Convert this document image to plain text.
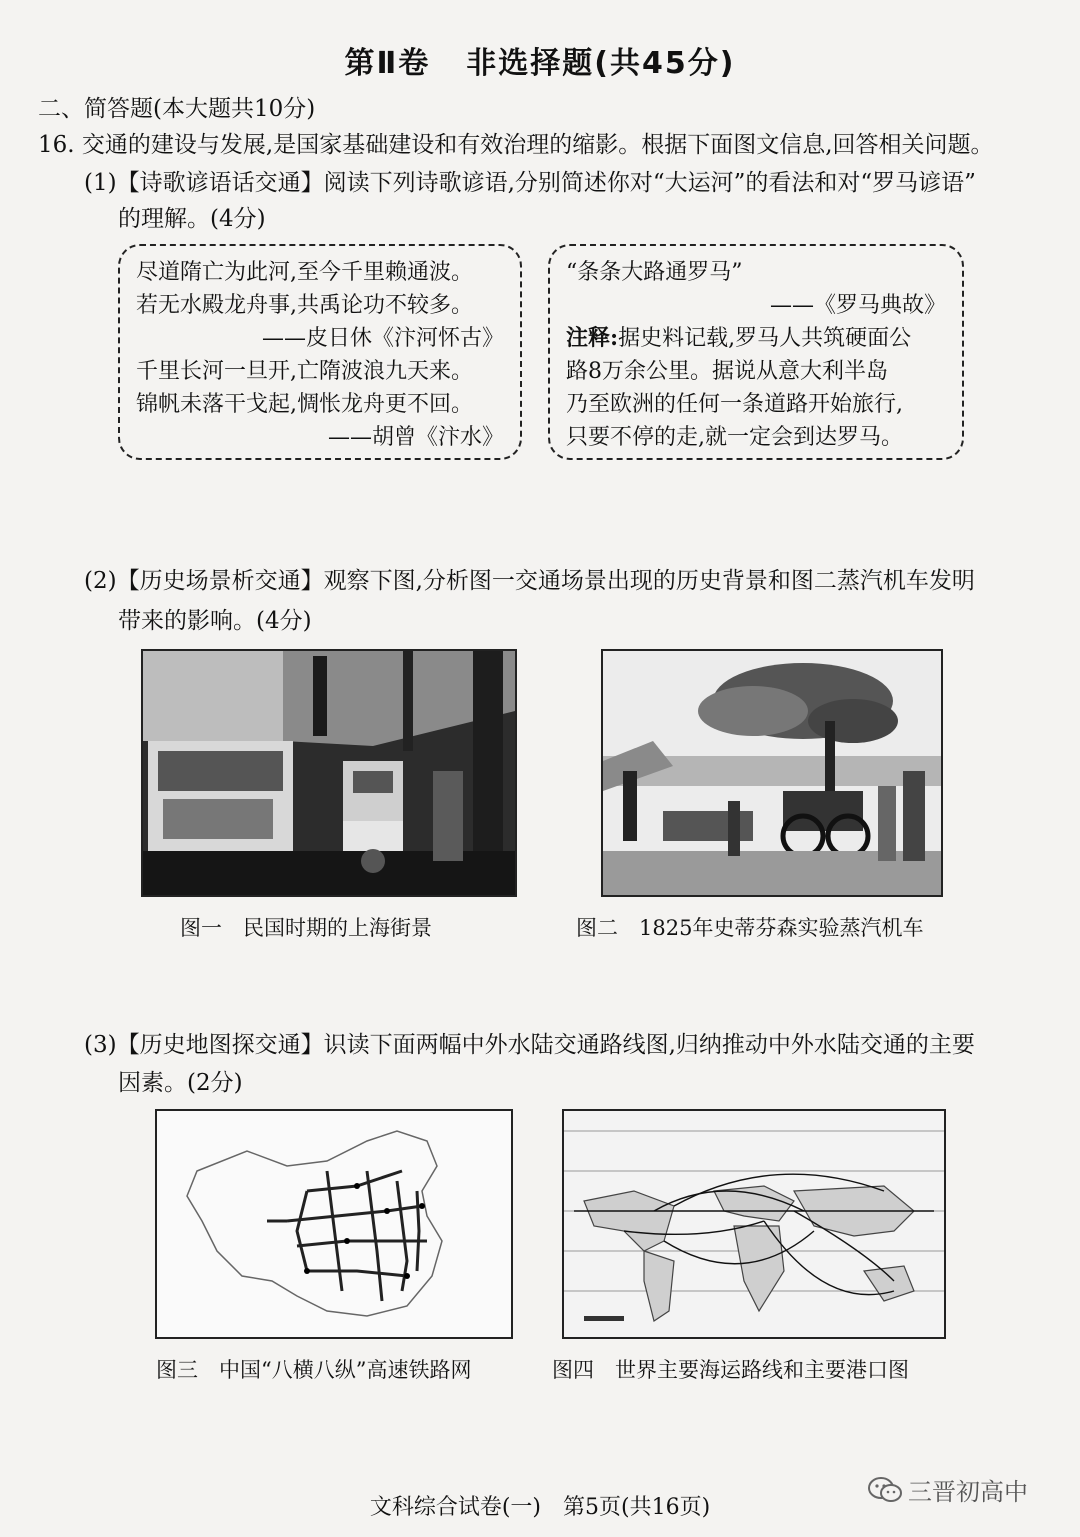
第Ⅱ卷 非选择题(共45分)
二、简答题(本大题共10分)
16. 交通的建设与发展,是国家基础建设和有效治理的缩影。根据下面图文信息,回答相关问题。
(1)【诗歌谚语话交通】阅读下列诗歌谚语,分别简述你对“大运河”的看法和对“罗马谚语”
的理解。(4分)
尽道隋亡为此河,至今千里赖通波。
若无水殿龙舟事,共禹论功不较多。
——皮日休《汴河怀古》
千里长河一旦开,亡隋波浪九天来。
锦帆未落干戈起,惆怅龙舟更不回。
——胡曾《汴水》
“条条大路通罗马”
——《罗马典故》
注释:据史料记载,罗马人共筑硬面公
路8万余公里。据说从意大利半岛
乃至欧洲的任何一条道路开始旅行,
只要不停的走,就一定会到达罗马。
(2)【历史场景析交通】观察下图,分析图一交通场景出现的历史背景和图二蒸汽机车发明
带来的影响。(4分)
图一　民国时期的上海街景	图二　1825年史蒂芬森实验蒸汽机车
(3)【历史地图探交通】识读下面两幅中外水陆交通路线图,归纳推动中外水陆交通的主要
因素。(2分)
图三　中国“八横八纵”高速铁路网	图四　世界主要海运路线和主要港口图
三晋初高中
文科综合试卷(一)　第5页(共16页)
